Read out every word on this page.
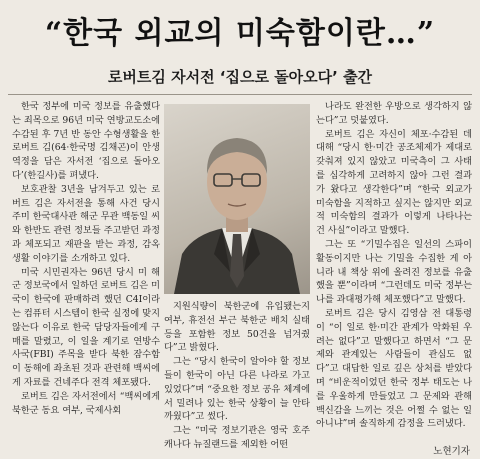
“한국 외교의 미숙함이란…”
로버트김 자서전 ‘집으로 돌아오다’ 출간

한국 정부에 미국 정보를 유출했다는 죄목으로 96년 미국 연방교도소에 수감된 후 7년 반 동안 수형생활을 한 로버트 김(64·한국명 김채곤)이 안생역정을 담은 자서전 ‘집으로 돌아오다’(한길사)를 펴냈다.

보호관찰 3년을 남겨두고 있는 로버트 김은 자서전을 통해 사건 당시 주미 한국대사관 해군 무관 백동일 씨와 한반도 관련 정보들 주고받던 과정과 체포되고 재판을 받는 과정, 감옥생활 이야기를 소개하고 있다.

미국 시민권자는 96년 당시 미 해군 정보국에서 일하던 로버트 김은 미국이 한국에 판매하려 했던 C4I이라는 컴퓨터 시스템이 한국 실정에 맞지 않는다 이유로 한국 담당자들에게 구매를 말렸고, 이 일을 계기로 연방수사국(FBI) 주목을 받다 북한 잠수함이 동해에 좌초된 것과 관련해 백씨에게 자료를 건네주다 전격 체포됐다.

로버트 김은 자서전에서 “백씨에게 북한군 동요 여부, 국제사회

지원식량이 북한군에 유입됐는지 여부, 휴전선 부근 북한군 배치 실태 등을 포함한 정보 50건을 넘겨줬다”고 밝혔다.

그는 “당시 한국이 알아야 할 정보들이 한국이 아닌 다른 나라로 가고 있었다”며 “중요한 정보 공유 체계에서 밀려나 있는 한국 상황이 늘 안타까웠다”고 썼다.

그는 “미국 정보기관은 영국 호주 캐나다 뉴질랜드를 제외한 어떤

나라도 완전한 우방으로 생각하지 않는다”고 덧붙였다.

로버트 김은 자신이 체포·수감된 데 대해 “당시 한·미간 공조체제가 제대로 갖춰져 있지 않았고 미국측이 그 사태를 심각하게 고려하지 않아 그런 결과가 왔다고 생각한다”며 “한국 외교가 미숙함을 지적하고 싶지는 않지만 외교적 미숙함의 결과가 이렇게 나타나는 건 사실”이라고 말했다.

그는 또 “기밀수집은 일선의 스파이활동이지만 나는 기밀을 수집한 게 아니라 내 책상 위에 올려진 정보를 유출했을 뿐”이라며 “그런데도 미국 정부는 나를 과대평가해 체포했다”고 말했다.

로버트 김은 당시 김영삼 전 대통령이 “이 일로 한·미간 관계가 악화된 우려는 없다”고 말했다고 하면서 “그 문제와 관계있는 사람들이 관심도 없다”고 대답한 일로 깊은 상처를 받았다며 “비운적이었던 한국 정부 태도는 나를 우울하게 만들었고 그 문제와 관해 백신감을 느끼는 것은 어쩔 수 없는 일 아니냐”며 솔직하게 감정을 드러냈다.

노현기자
